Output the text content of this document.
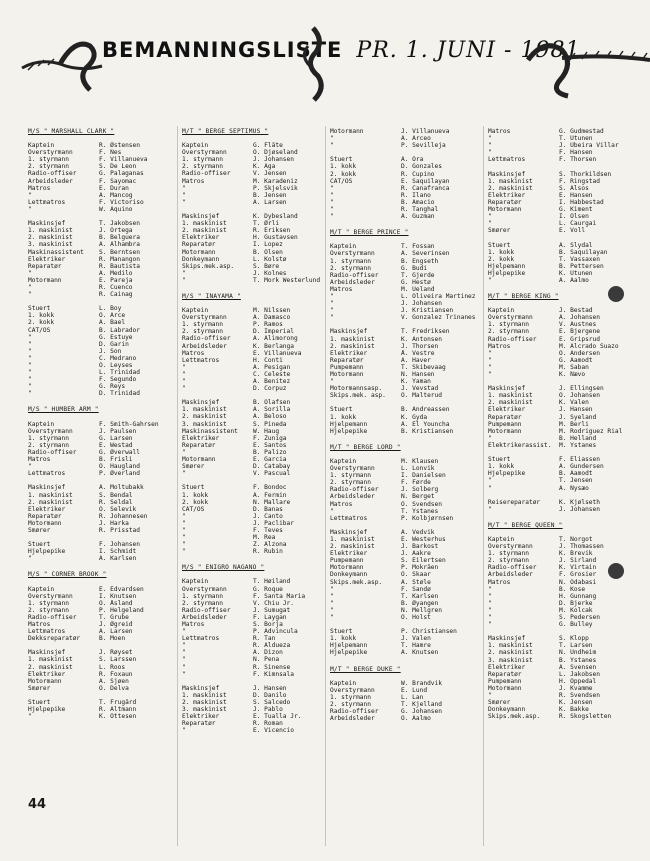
BEMANNINGSLISTE PR. 1. JUNI - 1981
M/S " MARSHALL CLARK "
Kaptein	R. Østensen
Overstyrmann	F. Nes
1. styrmann	F. Villanueva
2. styrmann	S. De Leon
Radio-offiser	G. Palaganas
Arbeidsleder	F. Sayomac
Matros	E. Duran
"	A. Mancog
Lettmatros	F. Victoriso
"	W. Aquino
Maskinsjef	T. Jakobsen
1. maskinist	J. Ortega
2. maskinist	B. Belguera
3. maskinist	A. Alhambra
Maskinassistent	S. Berntsen
Elektriker	R. Manangon
Reparatør	R. Bautista
"	A. Medilo
Motormann	E. Pareja
"	R. Cuenco
"	R. Cainag
Stuert	L. Boy
1. kokk	O. Arce
2. kokk	A. Bael
CAT/OS	B. Labrador
"	G. Estuye
"	D. Garin
"	J. Son
"	C. Medrano
"	O. Leyses
"	L. Trinidad
"	F. Segundo
"	G. Reys
"	D. Trinidad
M/S " HUMBER ARM "
Kaptein	F. Smith-Gahrsen
Overstyrmann	J. Paulsen
1. styrmann	G. Larsen
2. styrmann	E. Westad
Radio-offiser	G. Øverwall
Matros	B. Frisli
"	O. Haugland
Lettmatros	P. Øverland
Maskinsjef	A. Moltubakk
1. maskinist	S. Bendal
2. maskinist	R. Seldal
Elektriker	O. Selevik
Reparatør	R. Johannesen
Motormann	J. Harka
Smører	R. Prisstad
Stuert	F. Johansen
Hjelpepike	I. Schmidt
"	A. Karlsen
M/S " CORNER BROOK "
Kaptein	E. Edvardsen
Overstyrmann	I. Knutsen
1. styrmann	O. Åsland
2. styrmann	P. Helgeland
Radio-offiser	T. Grube
Matros	J. Øgreid
Lettmatros	A. Larsen
Dekksreparatør	B. Moen
Maskinsjef	J. Røyset
1. maskinist	S. Larssen
2. maskinist	L. Roos
Elektriker	R. Foxaun
Motormann	A. Sjøen
Smører	O. Delva
Stuert	T. Frugård
Hjelpepike	R. Altmann
"	K. Ottesen
M/T " BERGE SEPTIMUS "
Kaptein	G. Fläte
Overstyrmann	O. Djøseland
1. styrmann	J. Johansen
2. styrmann	K. Aga
Radio-offiser	V. Jensen
Matros	M. Karadeniz
"	P. Skjelsvik
"	B. Jensen
"	A. Larsen
Maskinsjef	K. Dybesland
1. maskinist	T. Ørli
2. maskinist	R. Eriksen
Elektriker	H. Gustavsen
Reparatør	I. Lopez
Motormann	B. Olsen
Donkeymann	L. Kolstø
Skips.mek.asp.	S. Børe
"	J. Kolnes
"	T. Mork Westerlund
M/S " INAYAMA "
Kaptein	M. Nilssen
Overstyrmann	A. Damasco
1. styrmann	P. Ramos
2. styrmann	D. Imperial
Radio-offiser	A. Alimorong
Arbeidsleder	K. Berlanga
Matros	E. Villanueva
Lettmatros	H. Conti
"	A. Pesigan
"	C. Celeste
"	A. Benitez
"	D. Corpuz
Maskinsjef	B. Olafsen
1. maskinist	A. Sorilla
2. maskinist	A. Beloso
3. maskinist	S. Pineda
Maskinassistent	W. Haug
Elektriker	F. Zuniga
Reparatør	E. Santos
"	B. Palizo
Motormann	E. Garcia
Smører	D. Catabay
"	V. Pascual
Stuert	F. Bondoc
1. kokk	A. Fermin
2. kokk	N. Mallare
CAT/OS	D. Banas
"	J. Canto
"	J. Paclibar
"	F. Teves
"	M. Rea
"	Z. Alzona
"	R. Rubin
M/S " ENIGRO NAGANO "
Kaptein	T. Høiland
Overstyrmann	G. Roque
1. styrmann	F. Santa Maria
2. styrmann	V. Chiu Jr.
Radio-offiser	J. Sumugat
Arbeidsleder	F. Laygan
Matros	S. Borja
"	P. Advincula
Lettmatros	R. Tan
"	R. Aldueza
"	A. Dizon
"	N. Pena
"	R. Sinense
"	F. Kimnsala
Maskinsjef	J. Hansen
1. maskinist	D. Danilo
2. maskinist	S. Salcedo
3. maskinist	J. Pablo
Elektriker	E. Tualla Jr.
Reparatør	R. Roman
"	E. Vicencio
Motormann	J. Villanueva
"	A. Arceo
"	P. Sevilleja
Stuert	A. Ora
1. kokk	D. Gonzales
2. kokk	R. Cupino
CAT/OS	E. Saquilayan
"	R. Canafranca
"	R. Ilano
"	B. Amacio
"	R. Tanghal
"	A. Guzman
M/T " BERGE PRINCE "
Kaptein	T. Fossan
Overstyrmann	A. Severinsen
1. styrmann	B. Engseth
2. styrmann	G. Budi
Radio-offiser	T. Gjerde
Arbeidsleder	G. Hestø
Matros	M. Ueland
"	L. Oliveira Martinez
"	J. Johansen
"	J. Kristiansen
"	V. Gonzalez Trinanes
Maskinsjef	T. Fredriksen
1. maskinist	K. Antonsen
2. maskinist	J. Thorsen
Elektriker	Å. Vestre
Reparatør	A. Haver
Pumpemann	T. Skibevaag
Motormann	N. Hansen
"	K. Yaman
Motormannsasp.	J. Vevstad
Skips.mek. asp.	O. Malterud
Stuert	B. Andreassen
1. kokk	K. Gyda
Hjelpemann	A. El Youncha
Hjelpepike	B. Kristiansen
M/T " BERGE LORD "
Kaptein	M. Klausen
Overstyrmann	L. Lonvik
1. styrmann	I. Danielsen
2. styrmann	F. Førde
Radio-offiser	J. Solberg
Arbeidsleder	N. Berget
Matros	O. Svendsen
"	T. Ystanes
Lettmatros	P. Kolbjørnsen
Maskinsjef	A. Vedvik
1. maskinist	E. Westerhus
2. maskinist	J. Barkost
Elektriker	J. Aakre
Pumpemann	S. Eilertsen
Motormann	P. Mokråen
Donkeymann	O. Skaar
Skips.mek.asp.	A. Støle
"	F. Sandø
"	T. Karlsen
"	B. Øyangen
"	N. Mellgren
"	O. Holst
Stuert	P. Christiansen
1. kokk	J. Valen
Hjelpemann	T. Hamre
Hjelpepike	A. Knutsen
M/T " BERGE DUKE "
Kaptein	W. Brandvik
Overstyrmann	E. Lund
1. styrmann	L. Lan
2. styrmann	T. Kjelland
Radio-offiser	G. Johansen
Arbeidsleder	O. Aalmo
Matros	G. Gudmestad
"	T. Utunen
"	J. Ubeira Villar
"	F. Hansen
Lettmatros	F. Thorsen
Maskinsjef	S. Thorkildsen
1. maskinist	F. Ringstad
2. maskinist	S. Alsos
Elektriker	E. Hansen
Reparatør	I. Habbestad
Motormann	G. Kiment
"	I. Olsen
"	L. Caurgai
Smører	E. Voll
Stuert	A. Slydal
1. kokk	B. Saquilayan
2. kokk	T. Vassaxen
Hjelpemann	B. Pettersen
Hjelpepike	K. Utunen
"	A. Aalmo
M/T " BERGE KING "
Kaptein	J. Bestad
Overstyrmann	A. Johansen
1. styrmann	V. Austnes
2. styrmann	E. Bjergene
Radio-offiser	E. Gripsrud
Matros	M. Alcrado Suazo
"	O. Andersen
"	G. Aamodt
"	M. Saban
"	K. Nævo
Maskinsjef	J. Ellingsen
1. maskinist	O. Johansen
2. maskinist	K. Valen
Elektriker	J. Hansen
Reparatør	J. Syeland
Pumpemann	M. Berli
Motormann	M. Rodriguez Rial
"	B. Helland
Elektrikerassist.	M. Ystanes
Stuert	F. Eliassen
1. kokk	A. Gundersen
Hjelpepike	B. Aamodt
"	T. Jensen
"	A. Nysæo
Reisereparatør	K. Kjølseth
"	J. Johansen
M/T " BERGE QUEEN "
Kaptein	T. Norgot
Overstyrmann	J. Thomassen
1. styrmann	K. Brevik
2. styrmann	J. Sirland
Radio-offiser	K. Virtain
Arbeidsleder	F. Grosier
Matros	N. Odabasi
"	B. Kose
"	H. Gunnang
"	D. Bjerke
"	M. Kolcak
"	S. Pedersen
"	G. Bulley
Maskinsjef	S. Klopp
1. maskinist	T. Larsen
2. maskinist	N. Undheim
3. maskinist	B. Ystanes
Elektriker	A. Svensen
Reparatør	L. Jakobsen
Pumpemann	H. Oppedal
Motormann	J. Kvamme
"	R. Svendsen
Smører	K. Jensen
Donkeymann	K. Bakke
Skips.mek.asp.	R. Skogsletten
44
